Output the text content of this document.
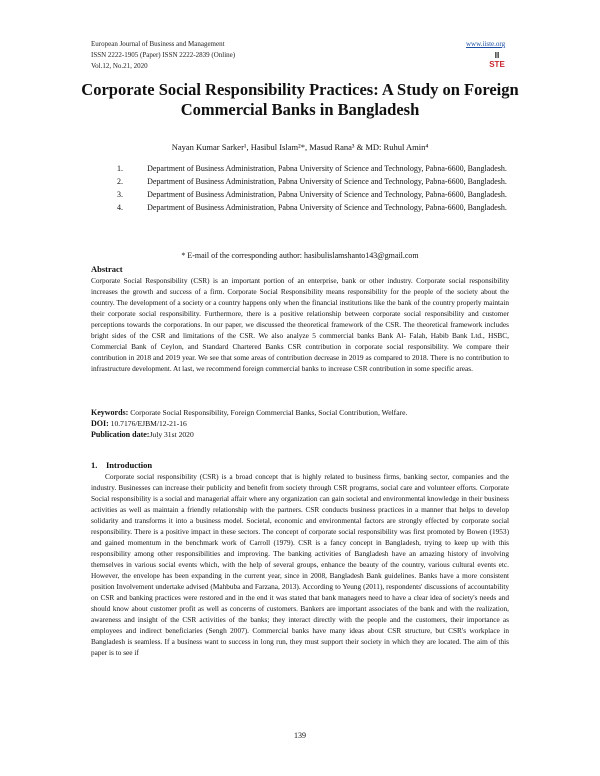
European Journal of Business and Management
ISSN 2222-1905 (Paper) ISSN 2222-2839 (Online)
Vol.12, No.21, 2020
www.iiste.org
II
STE
Corporate Social Responsibility Practices: A Study on Foreign Commercial Banks in Bangladesh
Nayan Kumar Sarker¹, Hasibul Islam²*, Masud Rana³ & MD: Ruhul Amin⁴
1.	Department of Business Administration, Pabna University of Science and Technology, Pabna-6600, Bangladesh.
2.	Department of Business Administration, Pabna University of Science and Technology, Pabna-6600, Bangladesh.
3.	Department of Business Administration, Pabna University of Science and Technology, Pabna-6600, Bangladesh.
4.	Department of Business Administration, Pabna University of Science and Technology, Pabna-6600, Bangladesh.
* E-mail of the corresponding author: hasibulislamshanto143@gmail.com
Abstract

Corporate Social Responsibility (CSR) is an important portion of an enterprise, bank or other industry. Corporate social responsibility increases the growth and success of a firm. Corporate Social Responsibility means responsibility for the people of the society about the country. The development of a society or a country happens only when the financial institutions like the bank of the country properly maintain their corporate social responsibility. Furthermore, there is a positive relationship between corporate social responsibility and customer perceptions towards the corporations. In our paper, we discussed the theoretical framework of the CSR. The theoretical framework includes bright sides of the CSR and limitations of the CSR. We also analyze 5 commercial banks Bank Al- Falah, Habib Bank Ltd., HSBC, Commercial Bank of Ceylon, and Standard Chartered Banks CSR contribution in corporate social responsibility. We compare their contribution in 2018 and 2019 year. We see that some areas of contribution decrease in 2019 as compared to 2018. There is no contribution to infrastructure development. At last, we recommend foreign commercial banks to increase CSR contribution in some specific areas.

Keywords: Corporate Social Responsibility, Foreign Commercial Banks, Social Contribution, Welfare.
DOI: 10.7176/EJBM/12-21-16
Publication date:July 31st 2020
1. Introduction

Corporate social responsibility (CSR) is a broad concept that is highly related to business firms, banking sector, companies and the industry. Businesses can increase their publicity and benefit from society through CSR programs, social care and volunteer efforts. Corporate Social responsibility is a social and managerial affair where any organization can gain societal and environmental knowledge in their business activities as well as maintain a friendly relationship with the partners. CSR conducts business practices in a manner that helps to develop solidarity and transforms it into a business model. Societal, economic and environmental factors are strongly effected by corporate social responsibility. There is a positive impact in these sectors. The concept of corporate social responsibility was first promoted by Bowen (1953) and gained momentum in the benchmark work of Carroll (1979). CSR is a fancy concept in Bangladesh, trying to keep up with this responsibility among other responsibilities and improving. The banking activities of Bangladesh have an amazing history of involving themselves in various social events which, with the help of several groups, enhance the beauty of the country, various cultural events etc. However, the envelope has been expanding in the current year, since in 2008, Bangladesh Bank guidelines. Banks have a more consistent position Involvement undertake advised (Mahbuba and Farzana, 2013). According to Yeung (2011), respondents' discussions of accountability on CSR and banking practices were restored and in the end it was stated that bank managers need to have a clear idea of society's needs and should know about customer profit as well as concerns of customers. Bankers are important associates of the bank and with the realization, awareness and insight of the CSR activities of the banks; they interact directly with the people and the customers, their importance as employees and indirect beneficiaries (Sengh 2007). Commercial banks have many ideas about CSR structure, but CSR's workplace in Bangladesh is seamless. If a business want to success in long run, they must support their society in which they are located. The aim of this paper is to see if

139
